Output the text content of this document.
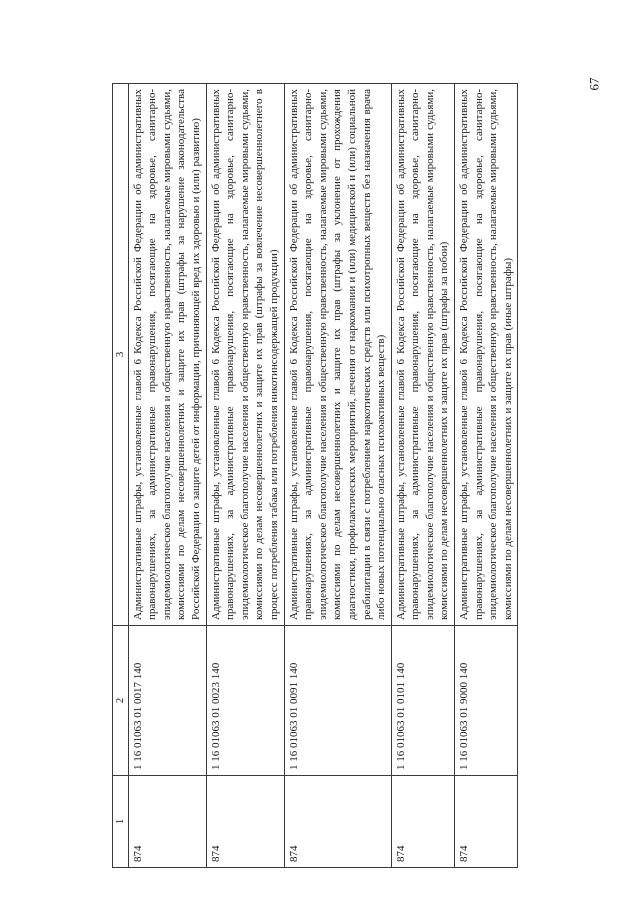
67
1	2	3
874	1 16 01063 01 0017 140	Административные штрафы, установленные главой 6 Кодекса Российской Федерации об административных правонарушениях, за административные правонарушения, посягающие на здоровье, санитарно-эпидемиологическое благополучие населения и общественную нравственность, налагаемые мировыми судьями, комиссиями по делам несовершеннолетних и защите их прав (штрафы за нарушение законодательства Российской Федерации о защите детей от информации, причиняющей вред их здоровью и (или) развитию)
874	1 16 01063 01 0023 140	Административные штрафы, установленные главой 6 Кодекса Российской Федерации об административных правонарушениях, за административные правонарушения, посягающие на здоровье, санитарно-эпидемиологическое благополучие населения и общественную нравственность, налагаемые мировыми судьями, комиссиями по делам несовершеннолетних и защите их прав (штрафы за вовлечение несовершеннолетнего в процесс потребления табака или потребления никотинсодержащей продукции)
874	1 16 01063 01 0091 140	Административные штрафы, установленные главой 6 Кодекса Российской Федерации об административных правонарушениях, за административные правонарушения, посягающие на здоровье, санитарно-эпидемиологическое благополучие населения и общественную нравственность, налагаемые мировыми судьями, комиссиями по делам несовершеннолетних и защите их прав (штрафы за уклонение от прохождения диагностики, профилактических мероприятий, лечения от наркомании и (или) медицинской и (или) социальной реабилитации в связи с потреблением наркотических средств или психотропных веществ без назначения врача либо новых потенциально опасных психоактивных веществ)
874	1 16 01063 01 0101 140	Административные штрафы, установленные главой 6 Кодекса Российской Федерации об административных правонарушениях, за административные правонарушения, посягающие на здоровье, санитарно-эпидемиологическое благополучие населения и общественную нравственность, налагаемые мировыми судьями, комиссиями по делам несовершеннолетних и защите их прав (штрафы за побои)
874	1 16 01063 01 9000 140	Административные штрафы, установленные главой 6 Кодекса Российской Федерации об административных правонарушениях, за административные правонарушения, посягающие на здоровье, санитарно-эпидемиологическое благополучие населения и общественную нравственность, налагаемые мировыми судьями, комиссиями по делам несовершеннолетних и защите их прав (иные штрафы)
